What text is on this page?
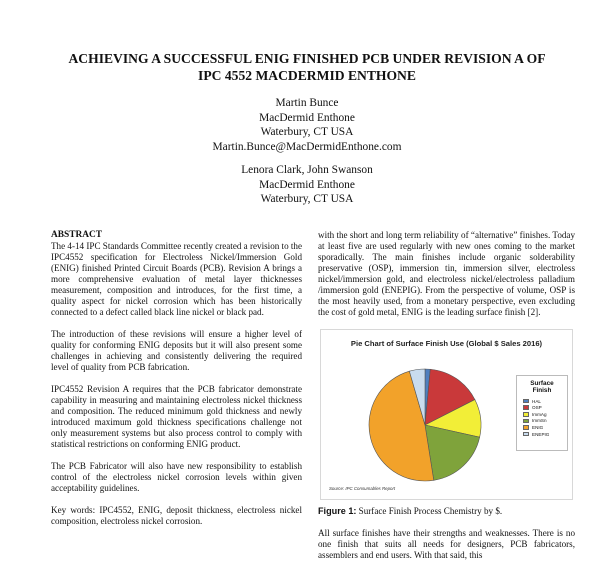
ACHIEVING A SUCCESSFUL ENIG FINISHED PCB UNDER REVISION A OF
IPC 4552 MACDERMID ENTHONE
Martin Bunce
MacDermid Enthone
Waterbury, CT USA
Martin.Bunce@MacDermidEnthone.com
Lenora Clark, John Swanson
MacDermid Enthone
Waterbury, CT USA
ABSTRACT

The 4-14 IPC Standards Committee recently created a revision to the IPC4552 specification for Electroless Nickel/Immersion Gold (ENIG) finished Printed Circuit Boards (PCB). Revision A brings a more comprehensive evaluation of metal layer thicknesses measurement, composition and introduces, for the first time, a quality aspect for nickel corrosion which has been historically connected to a defect called black line nickel or black pad.

The introduction of these revisions will ensure a higher level of quality for conforming ENIG deposits but it will also present some challenges in achieving and consistently delivering the required level of quality from PCB fabrication.

IPC4552 Revision A requires that the PCB fabricator demonstrate capability in measuring and maintaining electroless nickel thickness and composition. The reduced minimum gold thickness and newly introduced maximum gold thickness specifications challenge not only measurement systems but also process control to comply with statistical restrictions on conforming ENIG product.

The PCB Fabricator will also have new responsibility to establish control of the electroless nickel corrosion levels within given acceptability guidelines.

Key words: IPC4552, ENIG, deposit thickness, electroless nickel composition, electroless nickel corrosion.

with the short and long term reliability of “alternative” finishes. Today at least five are used regularly with new ones coming to the market sporadically. The main finishes include organic solderability preservative (OSP), immersion tin, immersion silver, electroless nickel/immersion gold, and electroless nickel/electroless palladium /immersion gold (ENEPIG). From the perspective of volume, OSP is the most heavily used, from a monetary perspective, even excluding the cost of gold metal, ENIG is the leading surface finish [2].

Pie Chart of Surface Finish Use (Global $ Sales 2016)
Surface
Finish
HAL
OSP
ImmAg
ImmSn
ENIG
ENEPIG
Source: IPC Consumables Report

Figure 1: Surface Finish Process Chemistry by $.

All surface finishes have their strengths and weaknesses. There is no one finish that suits all needs for designers, PCB fabricators, assemblers and end users. With that said, this
